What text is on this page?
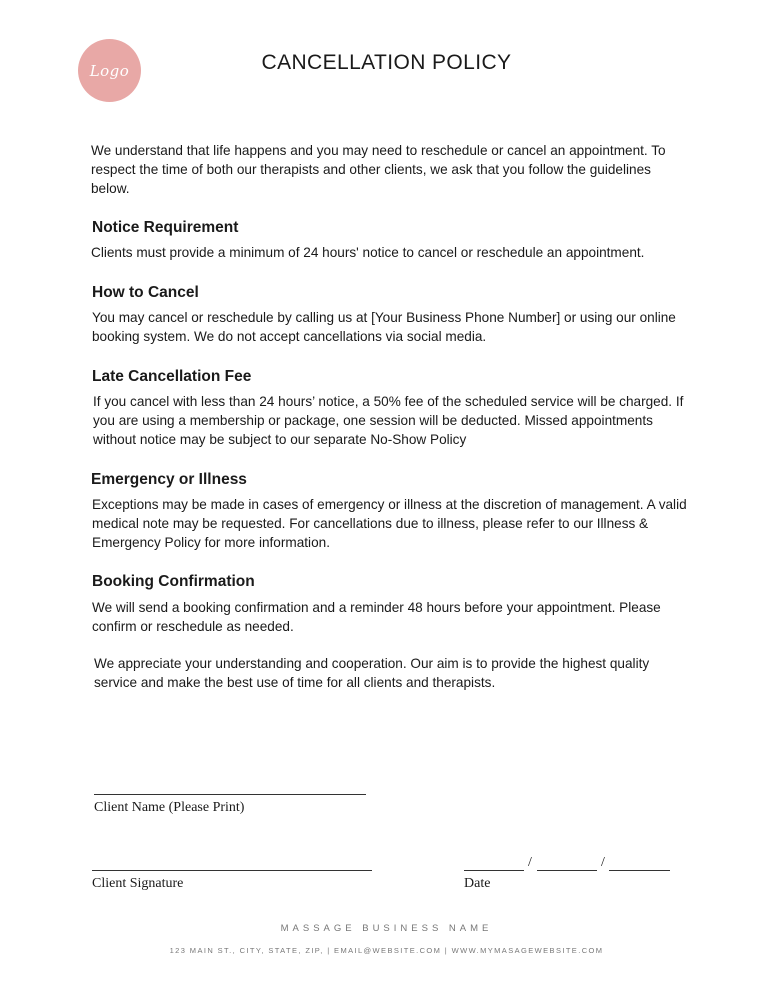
Logo	CANCELLATION POLICY

We understand that life happens and you may need to reschedule or cancel an appointment. To respect the time of both our therapists and other clients, we ask that you follow the guidelines below.

Notice Requirement

Clients must provide a minimum of 24 hours' notice to cancel or reschedule an appointment.

How to Cancel

You may cancel or reschedule by calling us at [Your Business Phone Number] or using our online booking system. We do not accept cancellations via social media.

Late Cancellation Fee

If you cancel with less than 24 hours’ notice, a 50% fee of the scheduled service will be charged. If you are using a membership or package, one session will be deducted. Missed appointments without notice may be subject to our separate No-Show Policy

Emergency or Illness

Exceptions may be made in cases of emergency or illness at the discretion of management. A valid medical note may be requested. For cancellations due to illness, please refer to our Illness & Emergency Policy for more information.

Booking Confirmation

We will send a booking confirmation and a reminder 48 hours before your appointment. Please confirm or reschedule as needed.

We appreciate your understanding and cooperation. Our aim is to provide the highest quality service and make the best use of time for all clients and therapists.

Client Name (Please Print)
Client Signature
/	/
Date
MASSAGE BUSINESS NAME
123 MAIN ST., CITY, STATE, ZIP, | EMAIL@WEBSITE.COM | WWW.MYMASAGEWEBSITE.COM
